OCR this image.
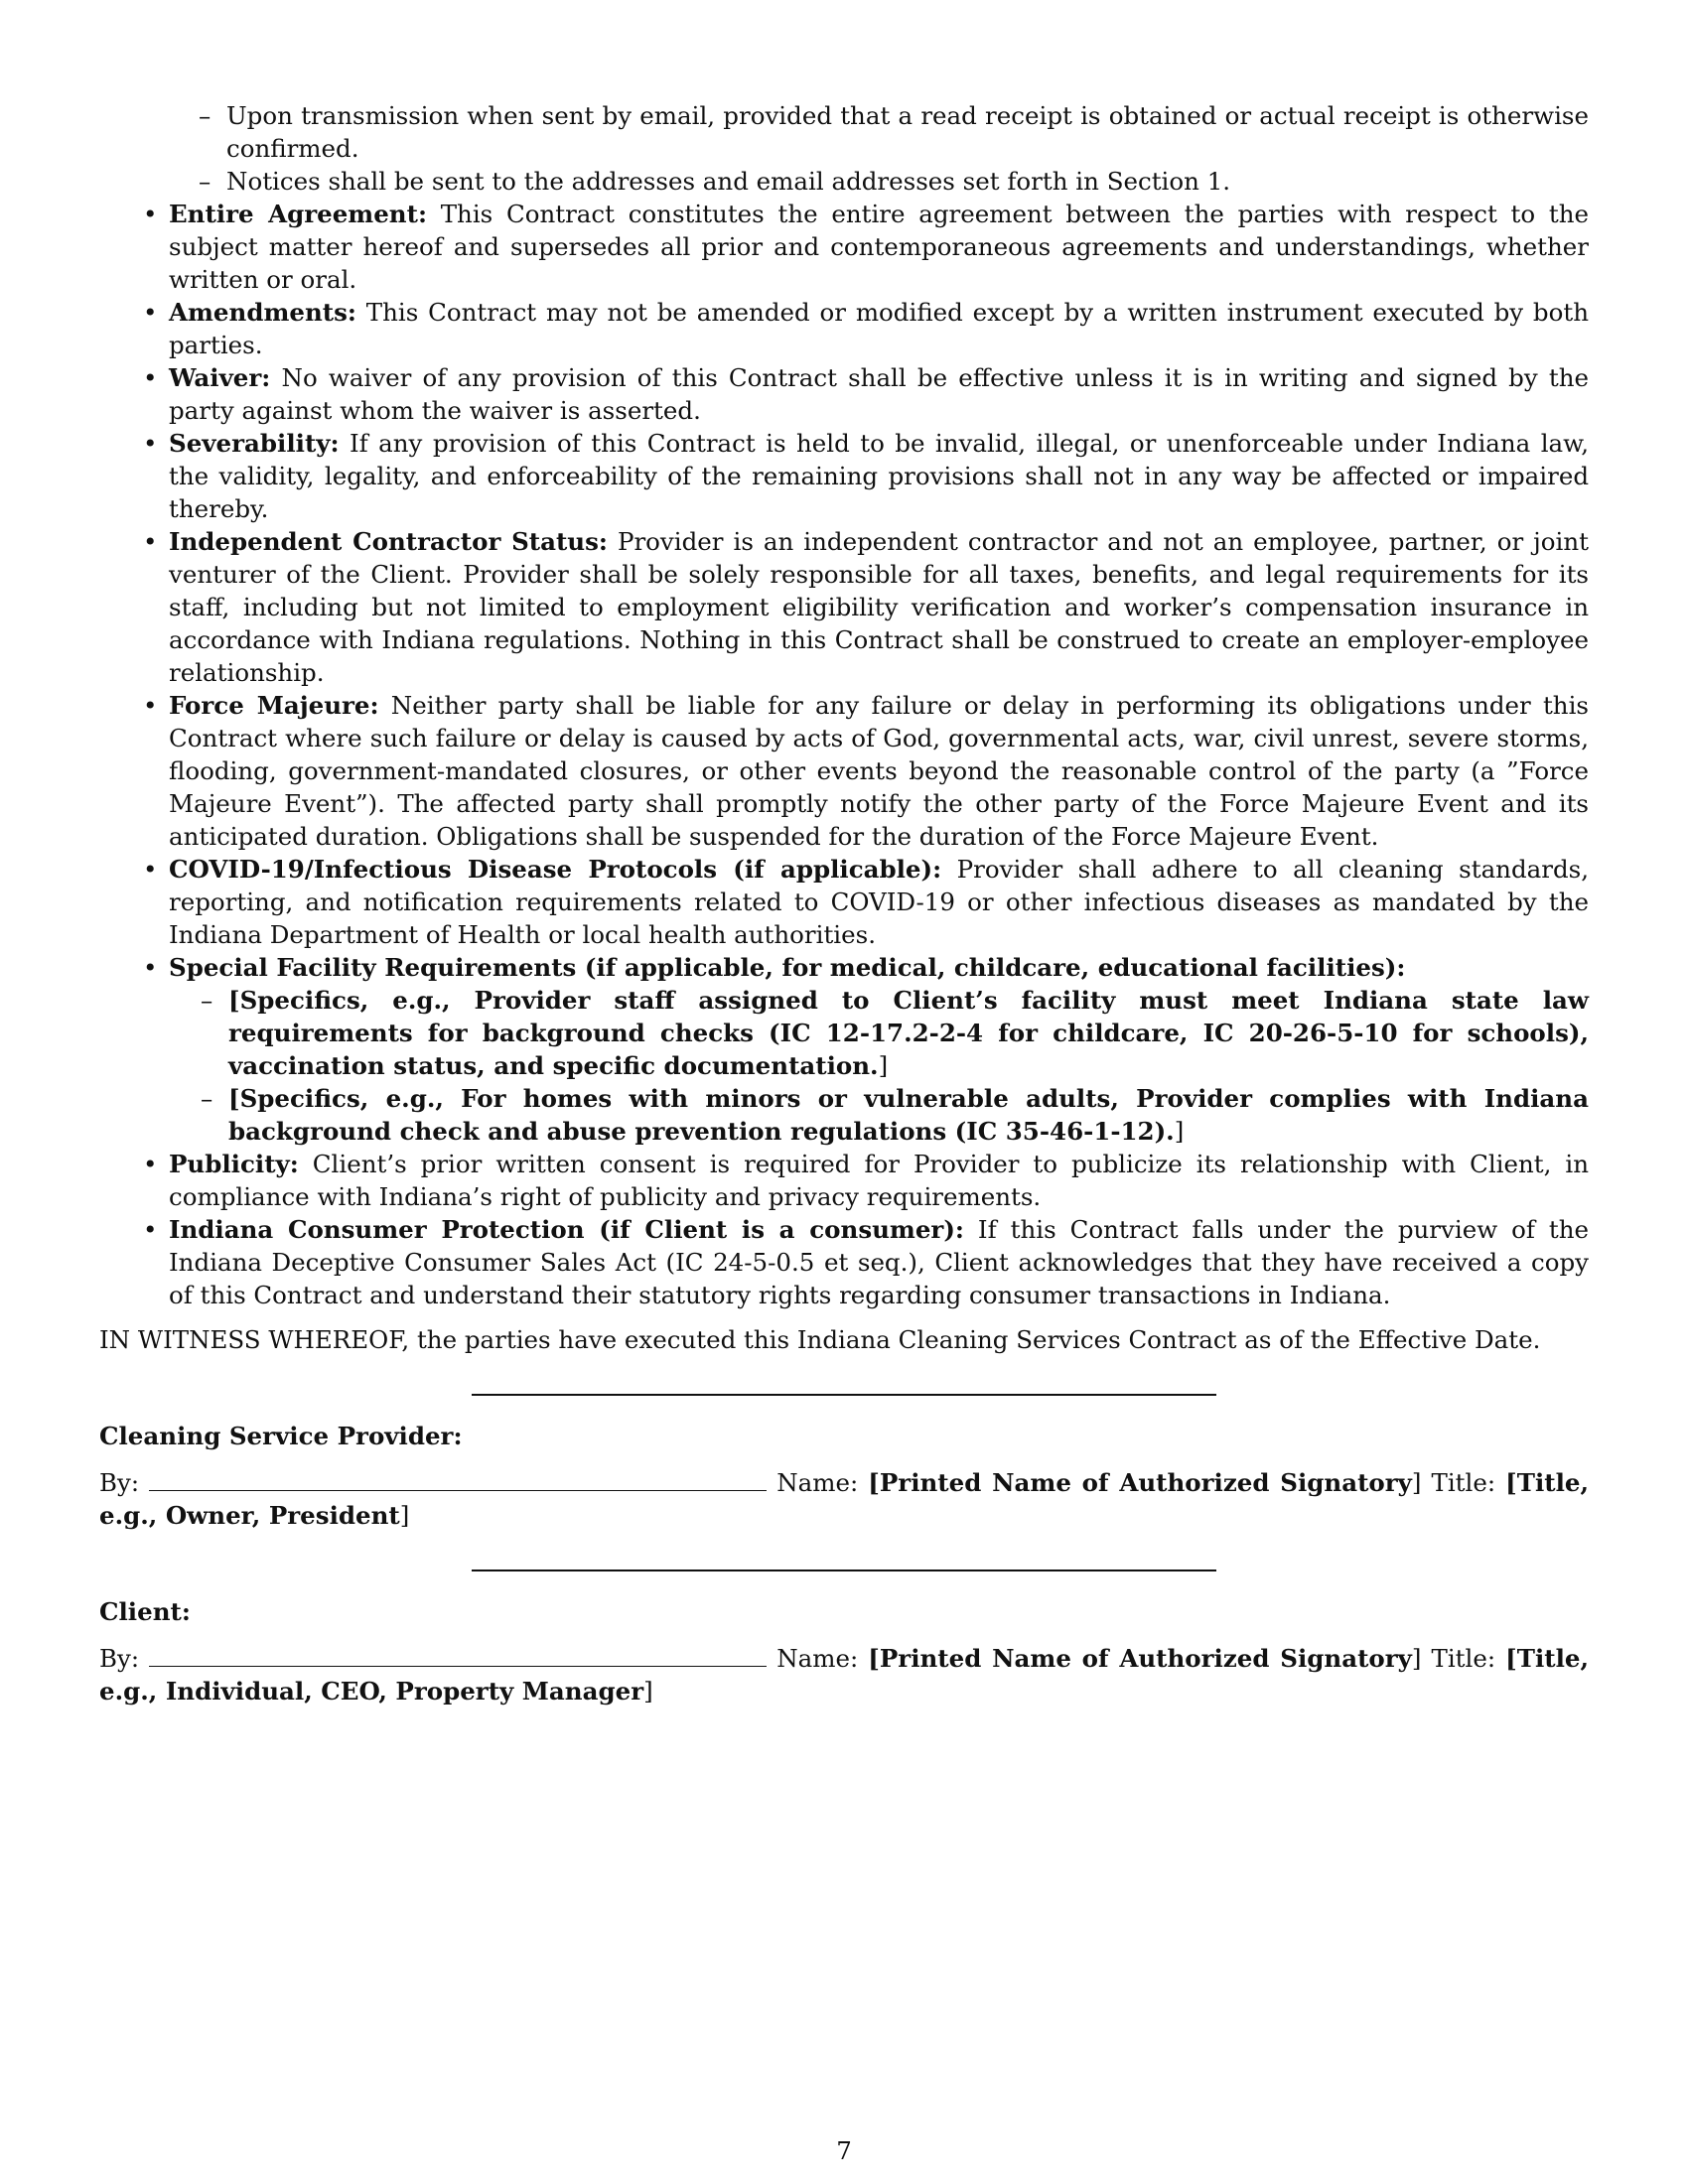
– Upon transmission when sent by email, provided that a read receipt is obtained or actual receipt is otherwise confirmed.
– Notices shall be sent to the addresses and email addresses set forth in Section 1.
• Entire Agreement: This Contract constitutes the entire agreement between the parties with respect to the subject matter hereof and supersedes all prior and contemporaneous agreements and understandings, whether written or oral.
• Amendments: This Contract may not be amended or modified except by a written instrument executed by both parties.
• Waiver: No waiver of any provision of this Contract shall be effective unless it is in writing and signed by the party against whom the waiver is asserted.
• Severability: If any provision of this Contract is held to be invalid, illegal, or unenforceable under Indiana law, the validity, legality, and enforceability of the remaining provisions shall not in any way be affected or impaired thereby.
• Independent Contractor Status: Provider is an independent contractor and not an employee, partner, or joint venturer of the Client. Provider shall be solely responsible for all taxes, benefits, and legal requirements for its staff, including but not limited to employment eligibility verification and worker’s compensation insurance in accordance with Indiana regulations. Nothing in this Contract shall be construed to create an employer-employee relationship.
• Force Majeure: Neither party shall be liable for any failure or delay in performing its obligations under this Contract where such failure or delay is caused by acts of God, governmental acts, war, civil unrest, severe storms, flooding, government-mandated closures, or other events beyond the reasonable control of the party (a ”Force Majeure Event”). The affected party shall promptly notify the other party of the Force Majeure Event and its anticipated duration. Obligations shall be suspended for the duration of the Force Majeure Event.
• COVID-19/Infectious Disease Protocols (if applicable): Provider shall adhere to all cleaning standards, reporting, and notification requirements related to COVID-19 or other infectious diseases as mandated by the Indiana Department of Health or local health authorities.
• Special Facility Requirements (if applicable, for medical, childcare, educational facilities):
– [Specifics, e.g., Provider staff assigned to Client’s facility must meet Indiana state law requirements for background checks (IC 12-17.2-2-4 for childcare, IC 20-26-5-10 for schools), vaccination status, and specific documentation.]
– [Specifics, e.g., For homes with minors or vulnerable adults, Provider complies with Indiana background check and abuse prevention regulations (IC 35-46-1-12).]
• Publicity: Client’s prior written consent is required for Provider to publicize its relationship with Client, in compliance with Indiana’s right of publicity and privacy requirements.
• Indiana Consumer Protection (if Client is a consumer): If this Contract falls under the purview of the Indiana Deceptive Consumer Sales Act (IC 24-5-0.5 et seq.), Client acknowledges that they have received a copy of this Contract and understand their statutory rights regarding consumer transactions in Indiana.
IN WITNESS WHEREOF, the parties have executed this Indiana Cleaning Services Contract as of the Effective Date.
Cleaning Service Provider:
By:	Name: [Printed Name of Authorized Signatory] Title: [Title, e.g., Owner, President]
Client:
By:	Name: [Printed Name of Authorized Signatory] Title: [Title, e.g., Individual, CEO, Property Manager]
7
